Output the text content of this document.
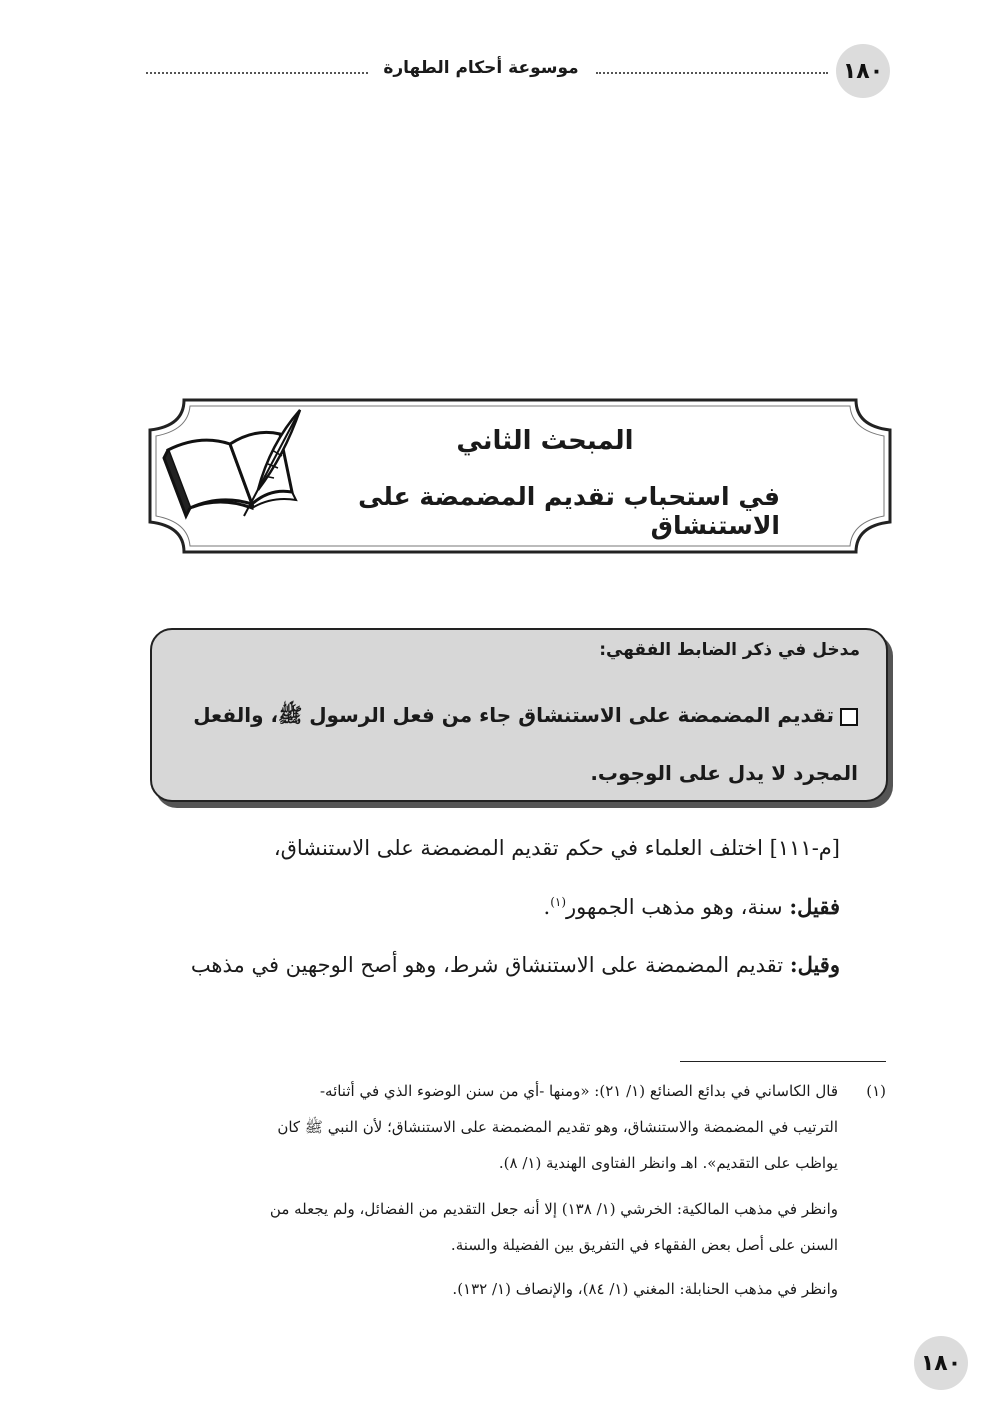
١٨٠
موسوعة أحكام الطهارة
المبحث الثاني
في استحباب تقديم المضمضة على الاستنشاق
مدخل في ذكر الضابط الفقهي:
تقديم المضمضة على الاستنشاق جاء من فعل الرسول ﷺ، والفعل المجرد لا يدل على الوجوب.
[م-١١١] اختلف العلماء في حكم تقديم المضمضة على الاستنشاق،
فقيل: سنة، وهو مذهب الجمهور$^{(١)}$.
وقيل: تقديم المضمضة على الاستنشاق شرط، وهو أصح الوجهين في مذهب
(١)
قال الكاساني في بدائع الصنائع (١/ ٢١): «ومنها -أي من سنن الوضوء الذي في أثنائه-
الترتيب في المضمضة والاستنشاق، وهو تقديم المضمضة على الاستنشاق؛ لأن النبي ﷺ كان
يواظب على التقديم». اهـ وانظر الفتاوى الهندية (١/ ٨).
وانظر في مذهب المالكية: الخرشي (١/ ١٣٨) إلا أنه جعل التقديم من الفضائل، ولم يجعله من
السنن على أصل بعض الفقهاء في التفريق بين الفضيلة والسنة.
وانظر في مذهب الحنابلة: المغني (١/ ٨٤)، والإنصاف (١/ ١٣٢).
١٨٠
